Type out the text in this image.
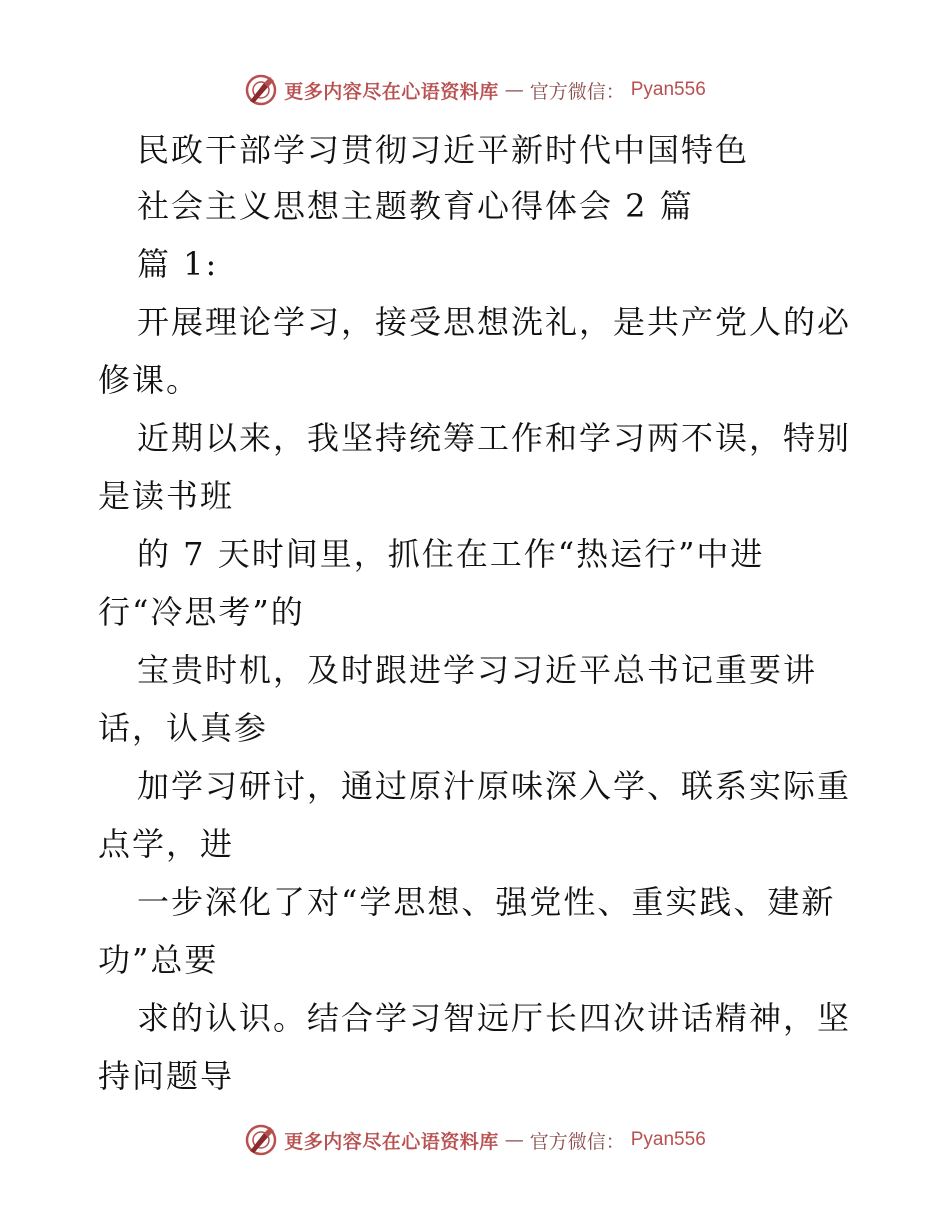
更多内容尽在心语资料库 — 官方微信： Pyan556
民政干部学习贯彻习近平新时代中国特色
社会主义思想主题教育心得体会 2 篇
篇 1:
开展理论学习，接受思想洗礼，是共产党人的必
修课。
近期以来，我坚持统筹工作和学习两不误，特别
是读书班
的 7 天时间里，抓住在工作“热运行”中进
行“冷思考”的
宝贵时机，及时跟进学习习近平总书记重要讲
话，认真参
加学习研讨，通过原汁原味深入学、联系实际重
点学，进
一步深化了对“学思想、强党性、重实践、建新
功”总要
求的认识。结合学习智远厅长四次讲话精神，坚
持问题导
更多内容尽在心语资料库 — 官方微信： Pyan556
